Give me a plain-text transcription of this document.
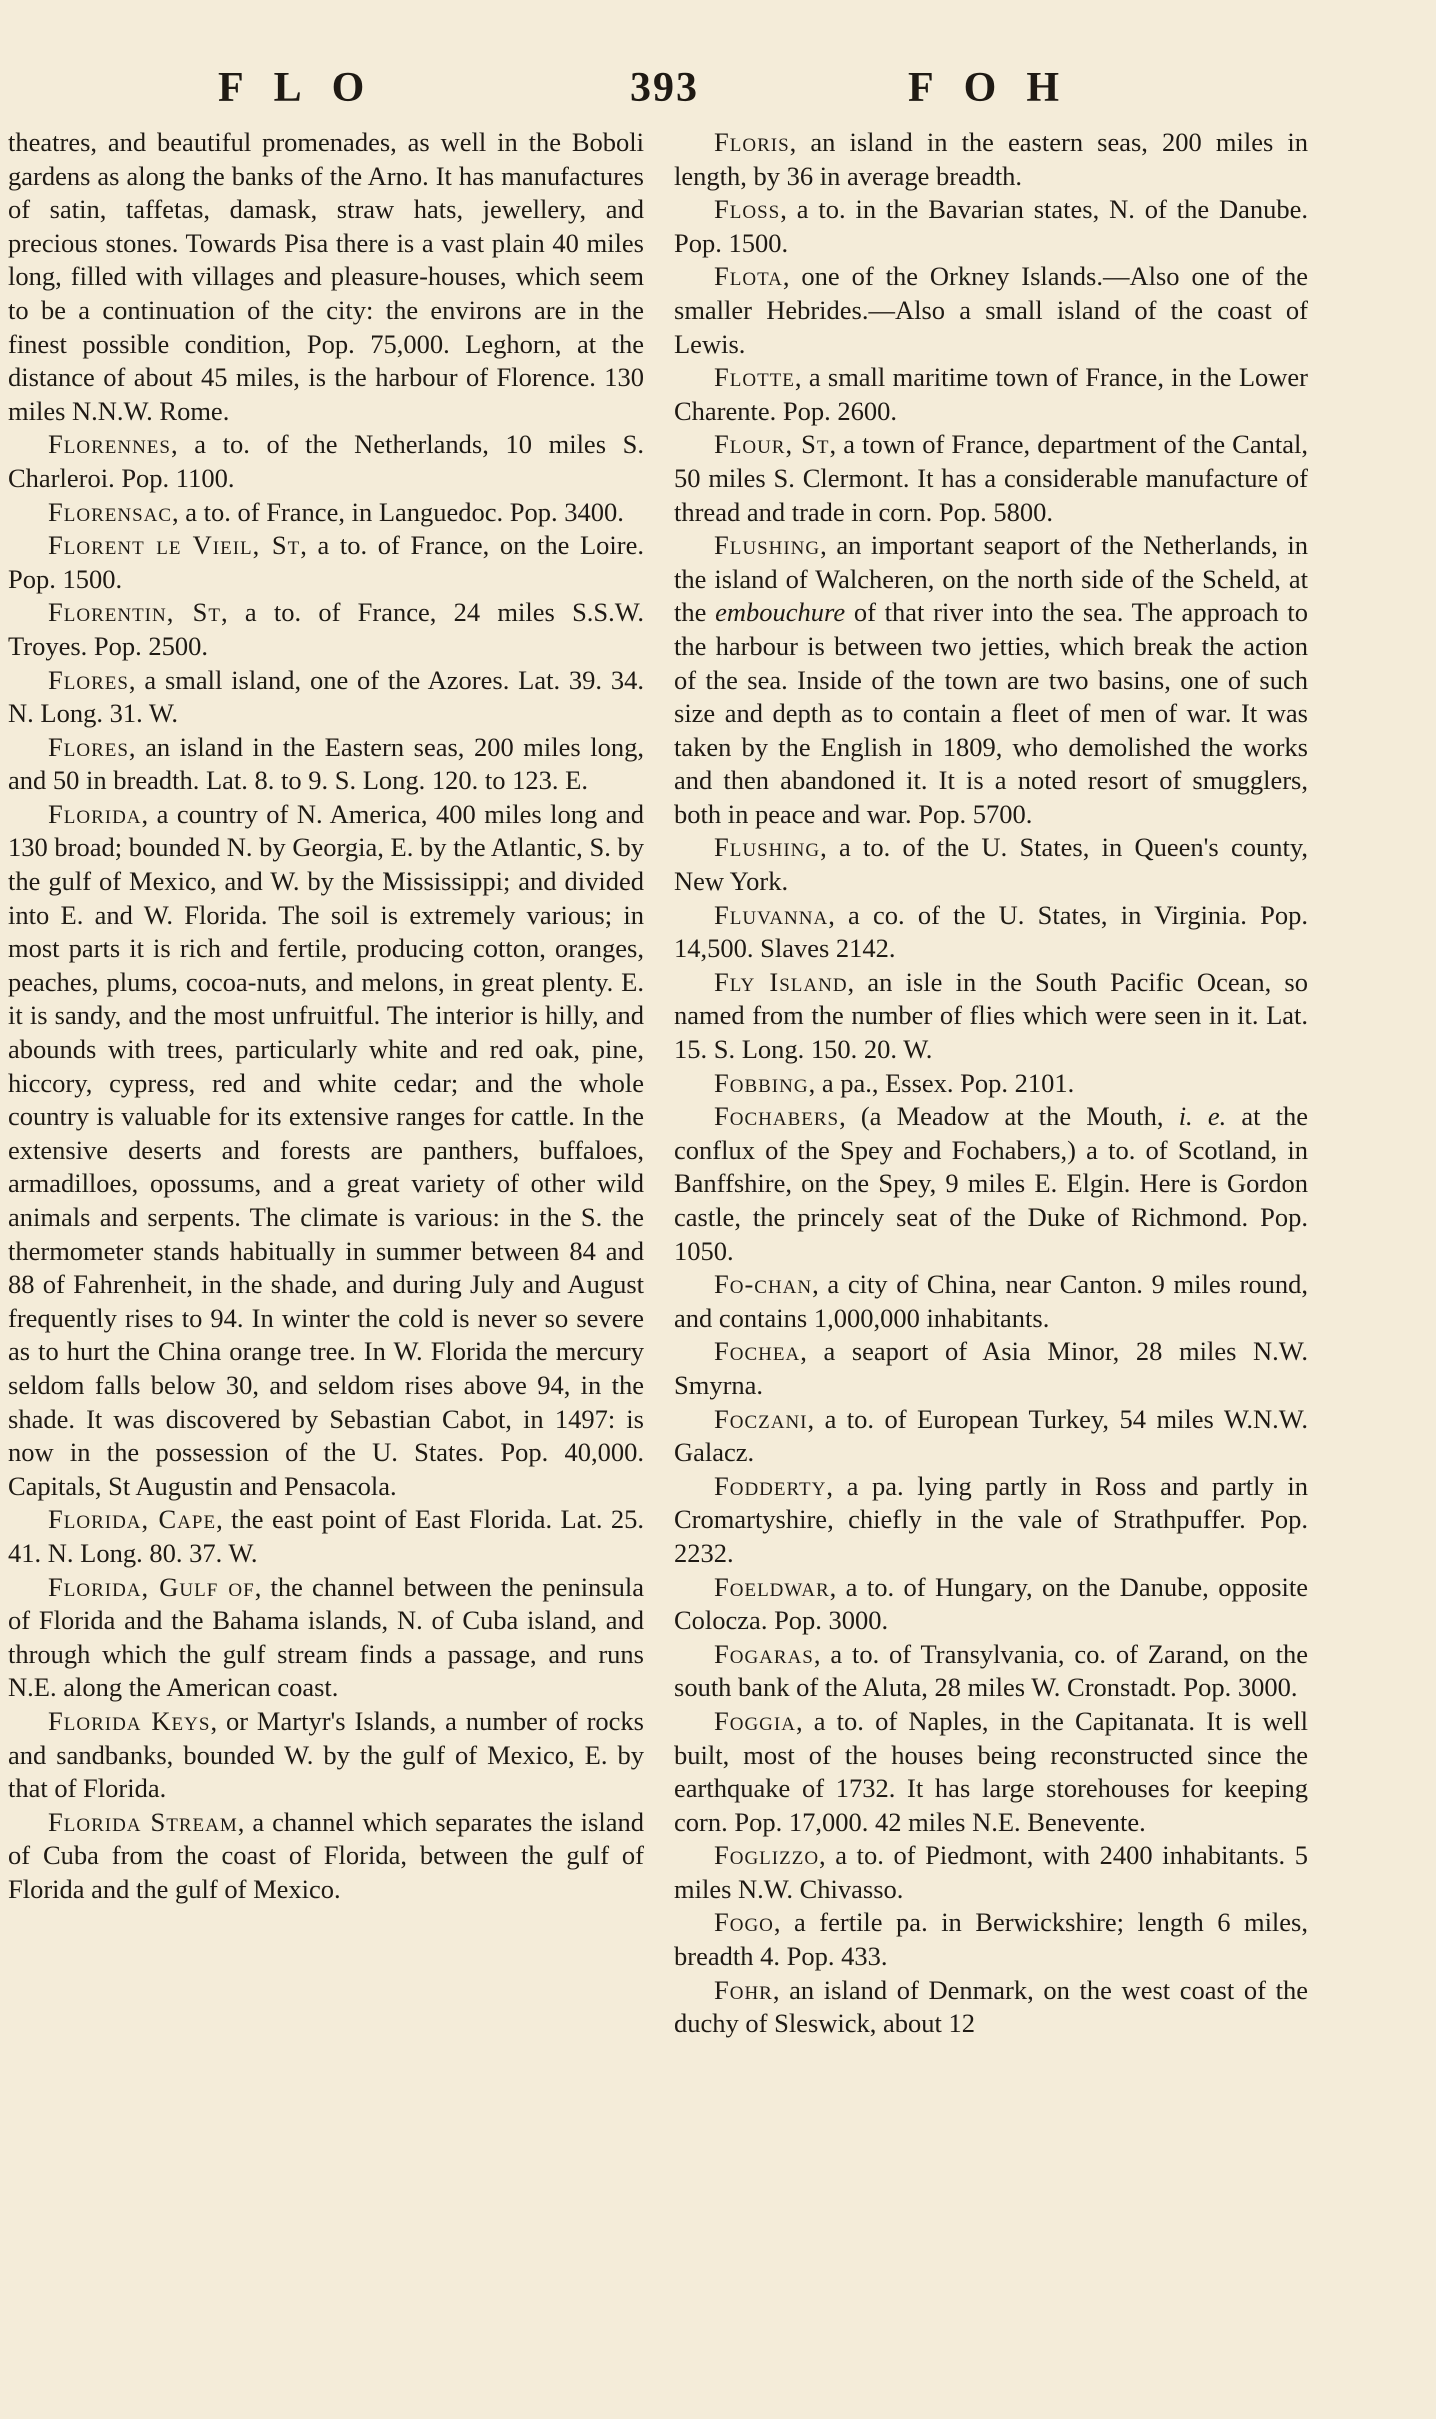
FLO	393	FOH

theatres, and beautiful promenades, as well in the Boboli gardens as along the banks of the Arno. It has manufactures of satin, taffetas, damask, straw hats, jewellery, and precious stones. Towards Pisa there is a vast plain 40 miles long, filled with villages and pleasure-houses, which seem to be a continuation of the city: the environs are in the finest possible condition, Pop. 75,000. Leghorn, at the distance of about 45 miles, is the harbour of Florence. 130 miles N.N.W. Rome.

Florennes, a to. of the Netherlands, 10 miles S. Charleroi. Pop. 1100.

Florensac, a to. of France, in Languedoc. Pop. 3400.

Florent le Vieil, St, a to. of France, on the Loire. Pop. 1500.

Florentin, St, a to. of France, 24 miles S.S.W. Troyes. Pop. 2500.

Flores, a small island, one of the Azores. Lat. 39. 34. N. Long. 31. W.

Flores, an island in the Eastern seas, 200 miles long, and 50 in breadth. Lat. 8. to 9. S. Long. 120. to 123. E.

Florida, a country of N. America, 400 miles long and 130 broad; bounded N. by Georgia, E. by the Atlantic, S. by the gulf of Mexico, and W. by the Mississippi; and divided into E. and W. Florida. The soil is extremely various; in most parts it is rich and fertile, producing cotton, oranges, peaches, plums, cocoa-nuts, and melons, in great plenty. E. it is sandy, and the most unfruitful. The interior is hilly, and abounds with trees, particularly white and red oak, pine, hiccory, cypress, red and white cedar; and the whole country is valuable for its extensive ranges for cattle. In the extensive deserts and forests are panthers, buffaloes, armadilloes, opossums, and a great variety of other wild animals and serpents. The climate is various: in the S. the thermometer stands habitually in summer between 84 and 88 of Fahrenheit, in the shade, and during July and August frequently rises to 94. In winter the cold is never so severe as to hurt the China orange tree. In W. Florida the mercury seldom falls below 30, and seldom rises above 94, in the shade. It was discovered by Sebastian Cabot, in 1497: is now in the possession of the U. States. Pop. 40,000. Capitals, St Augustin and Pensacola.

Florida, Cape, the east point of East Florida. Lat. 25. 41. N. Long. 80. 37. W.

Florida, Gulf of, the channel between the peninsula of Florida and the Bahama islands, N. of Cuba island, and through which the gulf stream finds a passage, and runs N.E. along the American coast.

Florida Keys, or Martyr's Islands, a number of rocks and sandbanks, bounded W. by the gulf of Mexico, E. by that of Florida.

Florida Stream, a channel which separates the island of Cuba from the coast of Florida, between the gulf of Florida and the gulf of Mexico.

Floris, an island in the eastern seas, 200 miles in length, by 36 in average breadth.

Floss, a to. in the Bavarian states, N. of the Danube. Pop. 1500.

Flota, one of the Orkney Islands.—Also one of the smaller Hebrides.—Also a small island of the coast of Lewis.

Flotte, a small maritime town of France, in the Lower Charente. Pop. 2600.

Flour, St, a town of France, department of the Cantal, 50 miles S. Clermont. It has a considerable manufacture of thread and trade in corn. Pop. 5800.

Flushing, an important seaport of the Netherlands, in the island of Walcheren, on the north side of the Scheld, at the embouchure of that river into the sea. The approach to the harbour is between two jetties, which break the action of the sea. Inside of the town are two basins, one of such size and depth as to contain a fleet of men of war. It was taken by the English in 1809, who demolished the works and then abandoned it. It is a noted resort of smugglers, both in peace and war. Pop. 5700.

Flushing, a to. of the U. States, in Queen's county, New York.

Fluvanna, a co. of the U. States, in Virginia. Pop. 14,500. Slaves 2142.

Fly Island, an isle in the South Pacific Ocean, so named from the number of flies which were seen in it. Lat. 15. S. Long. 150. 20. W.

Fobbing, a pa., Essex. Pop. 2101.

Fochabers, (a Meadow at the Mouth, i. e. at the conflux of the Spey and Fochabers,) a to. of Scotland, in Banffshire, on the Spey, 9 miles E. Elgin. Here is Gordon castle, the princely seat of the Duke of Richmond. Pop. 1050.

Fo-chan, a city of China, near Canton. 9 miles round, and contains 1,000,000 inhabitants.

Fochea, a seaport of Asia Minor, 28 miles N.W. Smyrna.

Foczani, a to. of European Turkey, 54 miles W.N.W. Galacz.

Fodderty, a pa. lying partly in Ross and partly in Cromartyshire, chiefly in the vale of Strathpuffer. Pop. 2232.

Foeldwar, a to. of Hungary, on the Danube, opposite Colocza. Pop. 3000.

Fogaras, a to. of Transylvania, co. of Zarand, on the south bank of the Aluta, 28 miles W. Cronstadt. Pop. 3000.

Foggia, a to. of Naples, in the Capitanata. It is well built, most of the houses being reconstructed since the earthquake of 1732. It has large storehouses for keeping corn. Pop. 17,000. 42 miles N.E. Benevente.

Foglizzo, a to. of Piedmont, with 2400 inhabitants. 5 miles N.W. Chivasso.

Fogo, a fertile pa. in Berwickshire; length 6 miles, breadth 4. Pop. 433.

Fohr, an island of Denmark, on the west coast of the duchy of Sleswick, about 12
